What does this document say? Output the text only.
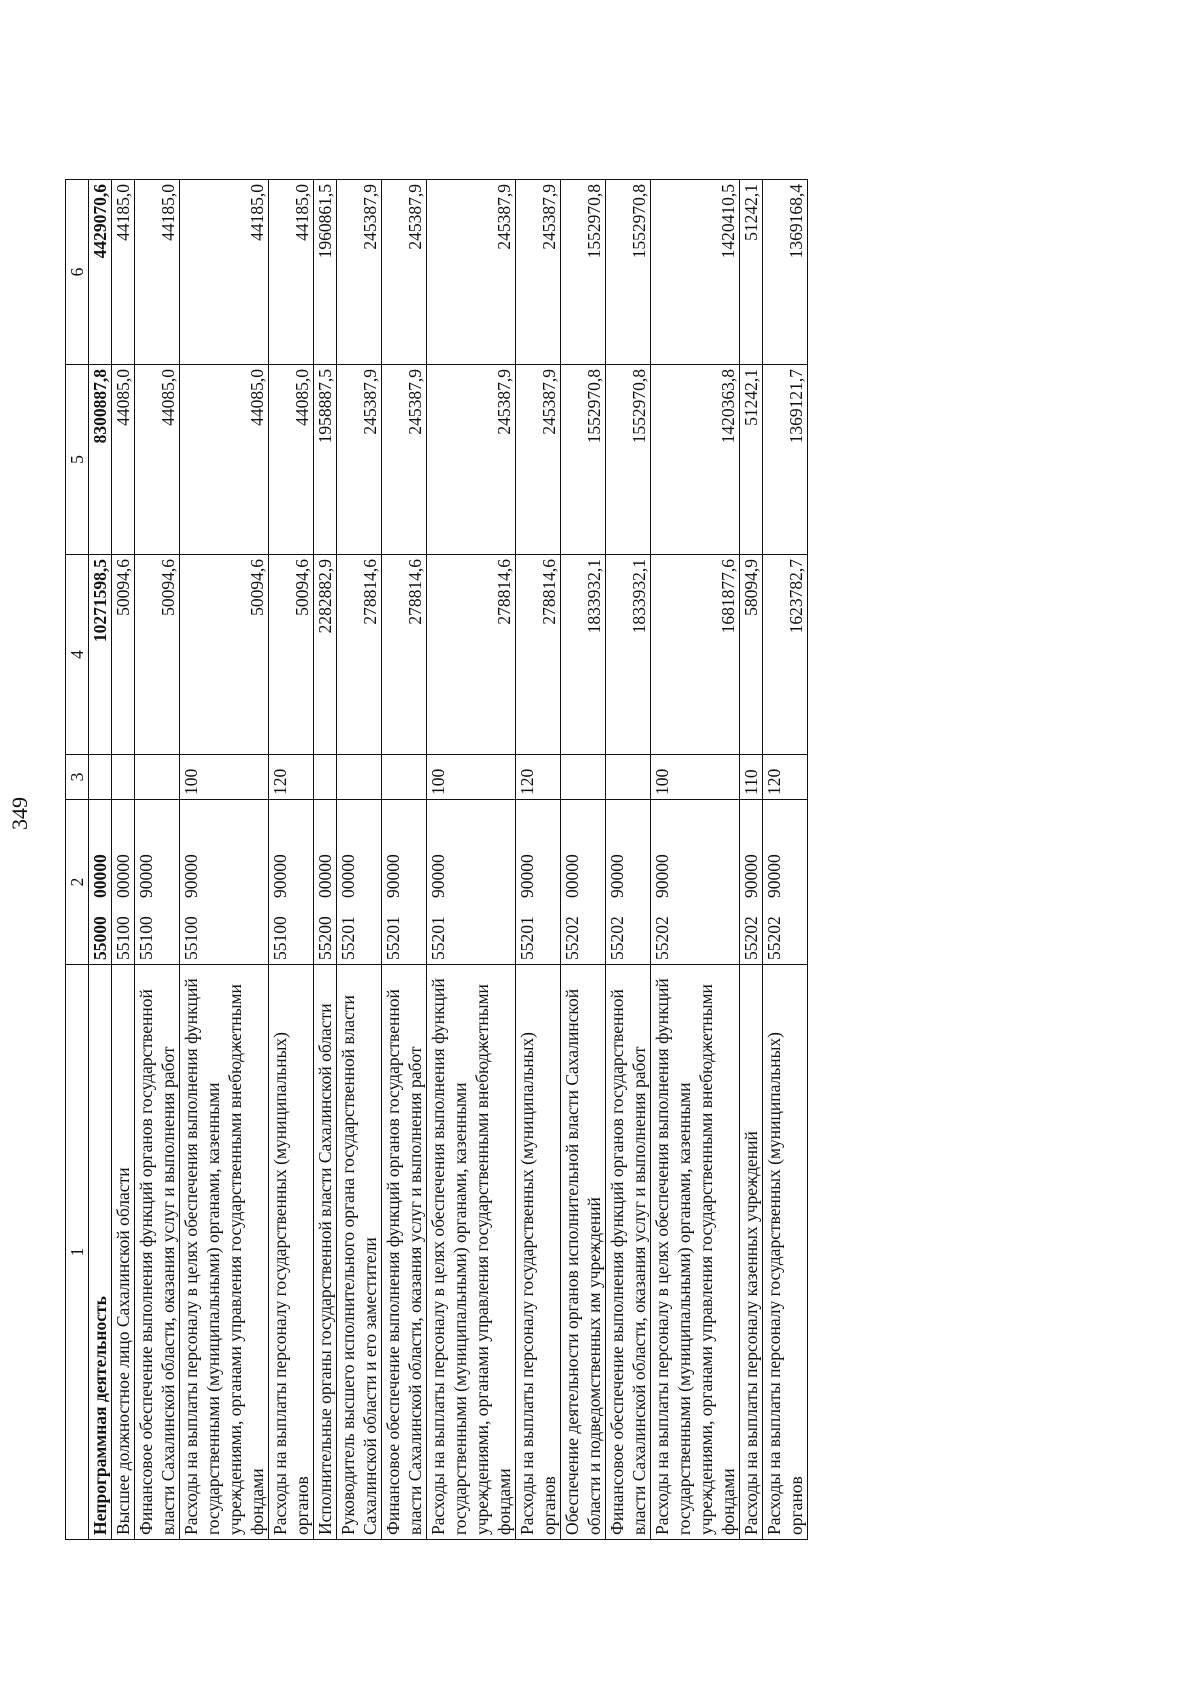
349
1	2	3	4	5	6
Непрограммная деятельность	5500000000		10271598,5	8300887,8	4429070,6
Высшее должностное лицо Сахалинской области	5510000000		50094,6	44085,0	44185,0
Финансовое обеспечение выполнения функций органов государственной власти Сахалинской области, оказания услуг и выполнения работ	5510090000		50094,6	44085,0	44185,0
Расходы на выплаты персоналу в целях обеспечения выполнения функций государственными (муниципальными) органами, казенными учреждениями, органами управления государственными внебюджетными фондами	5510090000	100	50094,6	44085,0	44185,0
Расходы на выплаты персоналу государственных (муниципальных) органов	5510090000	120	50094,6	44085,0	44185,0
Исполнительные органы государственной власти Сахалинской области	5520000000		2282882,9	1958887,5	1960861,5
Руководитель высшего исполнительного органа государственной власти Сахалинской области и его заместители	5520100000		278814,6	245387,9	245387,9
Финансовое обеспечение выполнения функций органов государственной власти Сахалинской области, оказания услуг и выполнения работ	5520190000		278814,6	245387,9	245387,9
Расходы на выплаты персоналу в целях обеспечения выполнения функций государственными (муниципальными) органами, казенными учреждениями, органами управления государственными внебюджетными фондами	5520190000	100	278814,6	245387,9	245387,9
Расходы на выплаты персоналу государственных (муниципальных) органов	5520190000	120	278814,6	245387,9	245387,9
Обеспечение деятельности органов исполнительной власти Сахалинской области и подведомственных им учреждений	5520200000		1833932,1	1552970,8	1552970,8
Финансовое обеспечение выполнения функций органов государственной власти Сахалинской области, оказания услуг и выполнения работ	5520290000		1833932,1	1552970,8	1552970,8
Расходы на выплаты персоналу в целях обеспечения выполнения функций государственными (муниципальными) органами, казенными учреждениями, органами управления государственными внебюджетными фондами	5520290000	100	1681877,6	1420363,8	1420410,5
Расходы на выплаты персоналу казенных учреждений	5520290000	110	58094,9	51242,1	51242,1
Расходы на выплаты персоналу государственных (муниципальных) органов	5520290000	120	1623782,7	1369121,7	1369168,4
